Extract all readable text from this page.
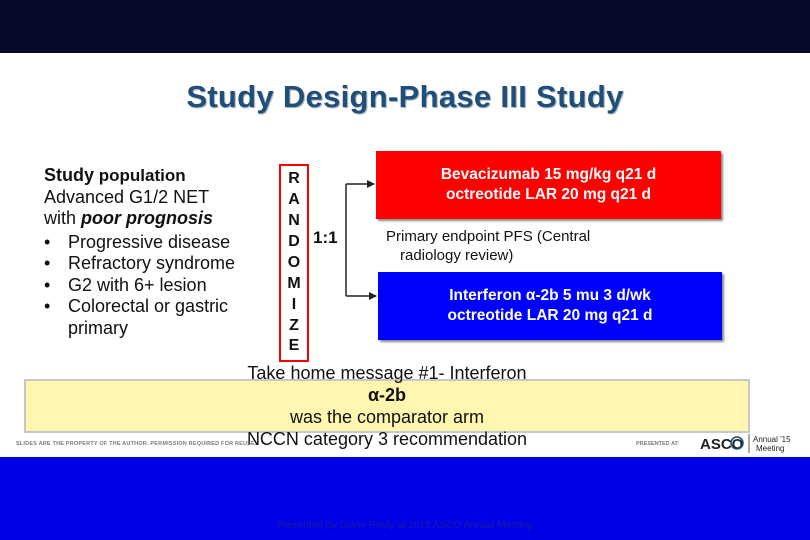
Study Design-Phase III Study
Study population
Advanced G1/2 NET
with poor prognosis
• Progressive disease
• Refractory syndrome
• G2 with 6+ lesion
• Colorectal or gastric
primary
R
A
N
D
O
M
I
Z
E
1:1
Bevacizumab 15 mg/kg q21 d
octreotide LAR 20 mg q21 d
Primary endpoint PFS (Central
radiology review)
Interferon α-2b 5 mu 3 d/wk
octreotide LAR 20 mg q21 d
Take home message #1- Interferon
α-2b
was the comparator arm
NCCN category 3 recommendation
SLIDES ARE THE PROPERTY OF THE AUTHOR. PERMISSION REQUIRED FOR REUSE.	PRESENTED AT: ASCO Annual '15
Meeting
Presented By Diane Reidy at 2015 ASCO Annual Meeting
